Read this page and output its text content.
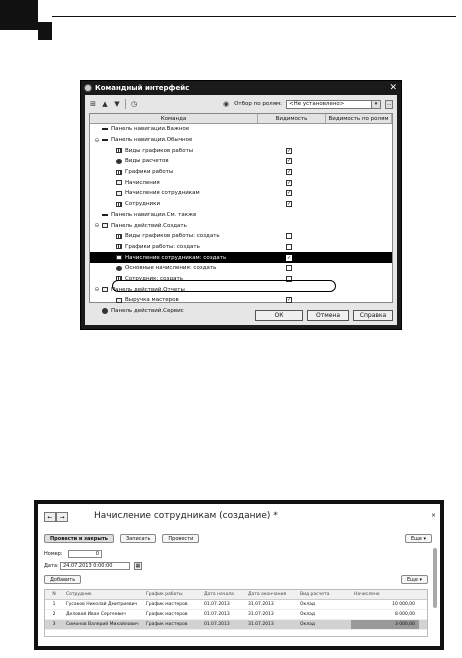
Командный интерфейс	✕
⊞ ▲ ▼ ◷	◉ Отбор по ролям: <Не установлено>	▾	...
Команда	Видимость	Видимость по ролям
Панель навигации.Важное
⊖ Панель навигации.Обычное
Виды графиков работы	✓
Виды расчетов	✓
Графики работы	✓
Начисления	✓
Начисления сотрудникам	✓
Сотрудники	✓
Панель навигации.См. также
⊖ Панель действий.Создать
Виды графиков работы: создать
Графики работы: создать
Начисление сотрудникам: создать	✓
Основные начисления: создать
Сотрудник: создать
⊖ Панель действий.Отчеты
Выручка мастеров	✓
Панель действий.Сервис
ОК	Отмена	Справка
←	→	Начисление сотрудникам (создание) *	×
Провести и закрыть	Записать	Провести	Еще ▾
Номер:	0
Дата: 24.07.2013 0:00:00	▦
Добавить	Еще ▾
N	Сотрудник	График работы	Дата начала	Дата окончания	Вид расчета	Начислено
1	Гусаков Николай Дмитриевич	График мастеров	01.07.2013	31.07.2013	Оклад	10 000,00
2	Деловой Иван Сергеевич	График мастеров	01.07.2013	31.07.2013	Оклад	8 000,00
3	Симонов Валерий Михайлович	График мастеров	01.07.2013	31.07.2013	Оклад	3 000,00
